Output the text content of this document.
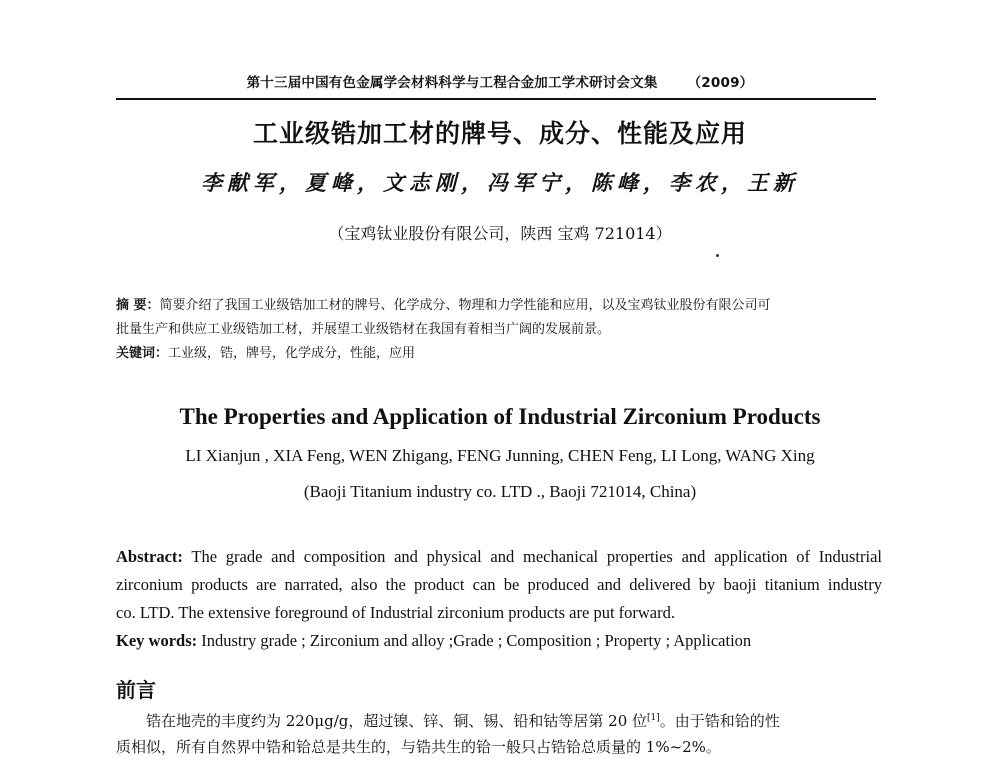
第十三届中国有色金属学会材料科学与工程合金加工学术研讨会文集 （2009）
工业级锆加工材的牌号、成分、性能及应用
李献军，夏峰，文志刚，冯军宁，陈峰，李农，王新
（宝鸡钛业股份有限公司，陕西 宝鸡 721014）
摘 要：简要介绍了我国工业级锆加工材的牌号、化学成分、物理和力学性能和应用，以及宝鸡钛业股份有限公司可
批量生产和供应工业级锆加工材，并展望工业级锆材在我国有着相当广阔的发展前景。
关键词：工业级，锆，牌号，化学成分，性能，应用
The Properties and Application of Industrial Zirconium Products
LI Xianjun , XIA Feng, WEN Zhigang, FENG Junning, CHEN Feng, LI Long, WANG Xing
(Baoji Titanium industry co. LTD ., Baoji 721014, China)
Abstract: The grade and composition and physical and mechanical properties and application of Industrial
zirconium products are narrated, also the product can be produced and delivered by baoji titanium industry
co. LTD. The extensive foreground of Industrial zirconium products are put forward.
Key words: Industry grade ; Zirconium and alloy ;Grade ; Composition ; Property ; Application
前言
锆在地壳的丰度约为 220μg/g，超过镍、锌、铜、锡、铅和钴等居第 20 位[1]。由于锆和铪的性
质相似，所有自然界中锆和铪总是共生的，与锆共生的铪一般只占锆铪总质量的 1%~2%。
